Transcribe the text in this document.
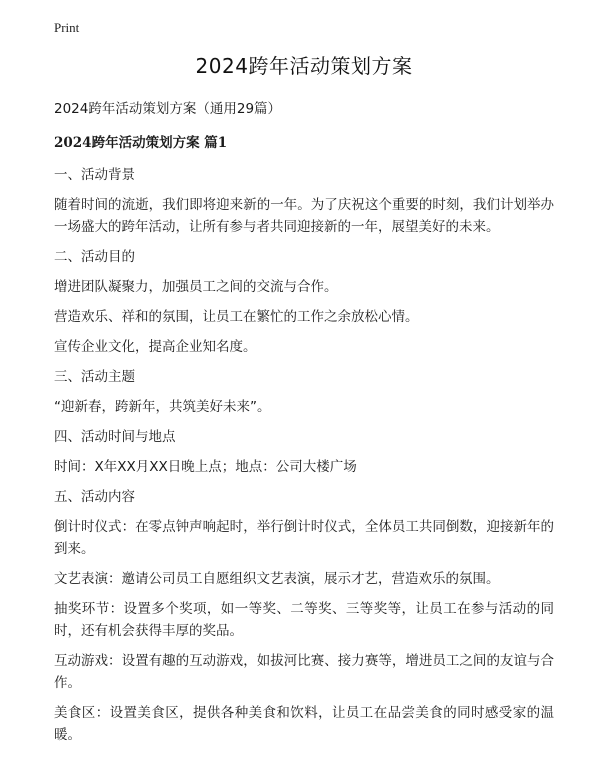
Print
2024跨年活动策划方案
2024跨年活动策划方案（通用29篇）
2024跨年活动策划方案 篇1
一、活动背景
随着时间的流逝，我们即将迎来新的一年。为了庆祝这个重要的时刻，我们计划举办一场盛大的跨年活动，让所有参与者共同迎接新的一年，展望美好的未来。
二、活动目的
增进团队凝聚力，加强员工之间的交流与合作。
营造欢乐、祥和的氛围，让员工在繁忙的工作之余放松心情。
宣传企业文化，提高企业知名度。
三、活动主题
“迎新春，跨新年，共筑美好未来”。
四、活动时间与地点
时间：X年XX月XX日晚上点；地点：公司大楼广场
五、活动内容
倒计时仪式：在零点钟声响起时，举行倒计时仪式，全体员工共同倒数，迎接新年的到来。
文艺表演：邀请公司员工自愿组织文艺表演，展示才艺，营造欢乐的氛围。
抽奖环节：设置多个奖项，如一等奖、二等奖、三等奖等，让员工在参与活动的同时，还有机会获得丰厚的奖品。
互动游戏：设置有趣的互动游戏，如拔河比赛、接力赛等，增进员工之间的友谊与合作。
美食区：设置美食区，提供各种美食和饮料，让员工在品尝美食的同时感受家的温暖。
